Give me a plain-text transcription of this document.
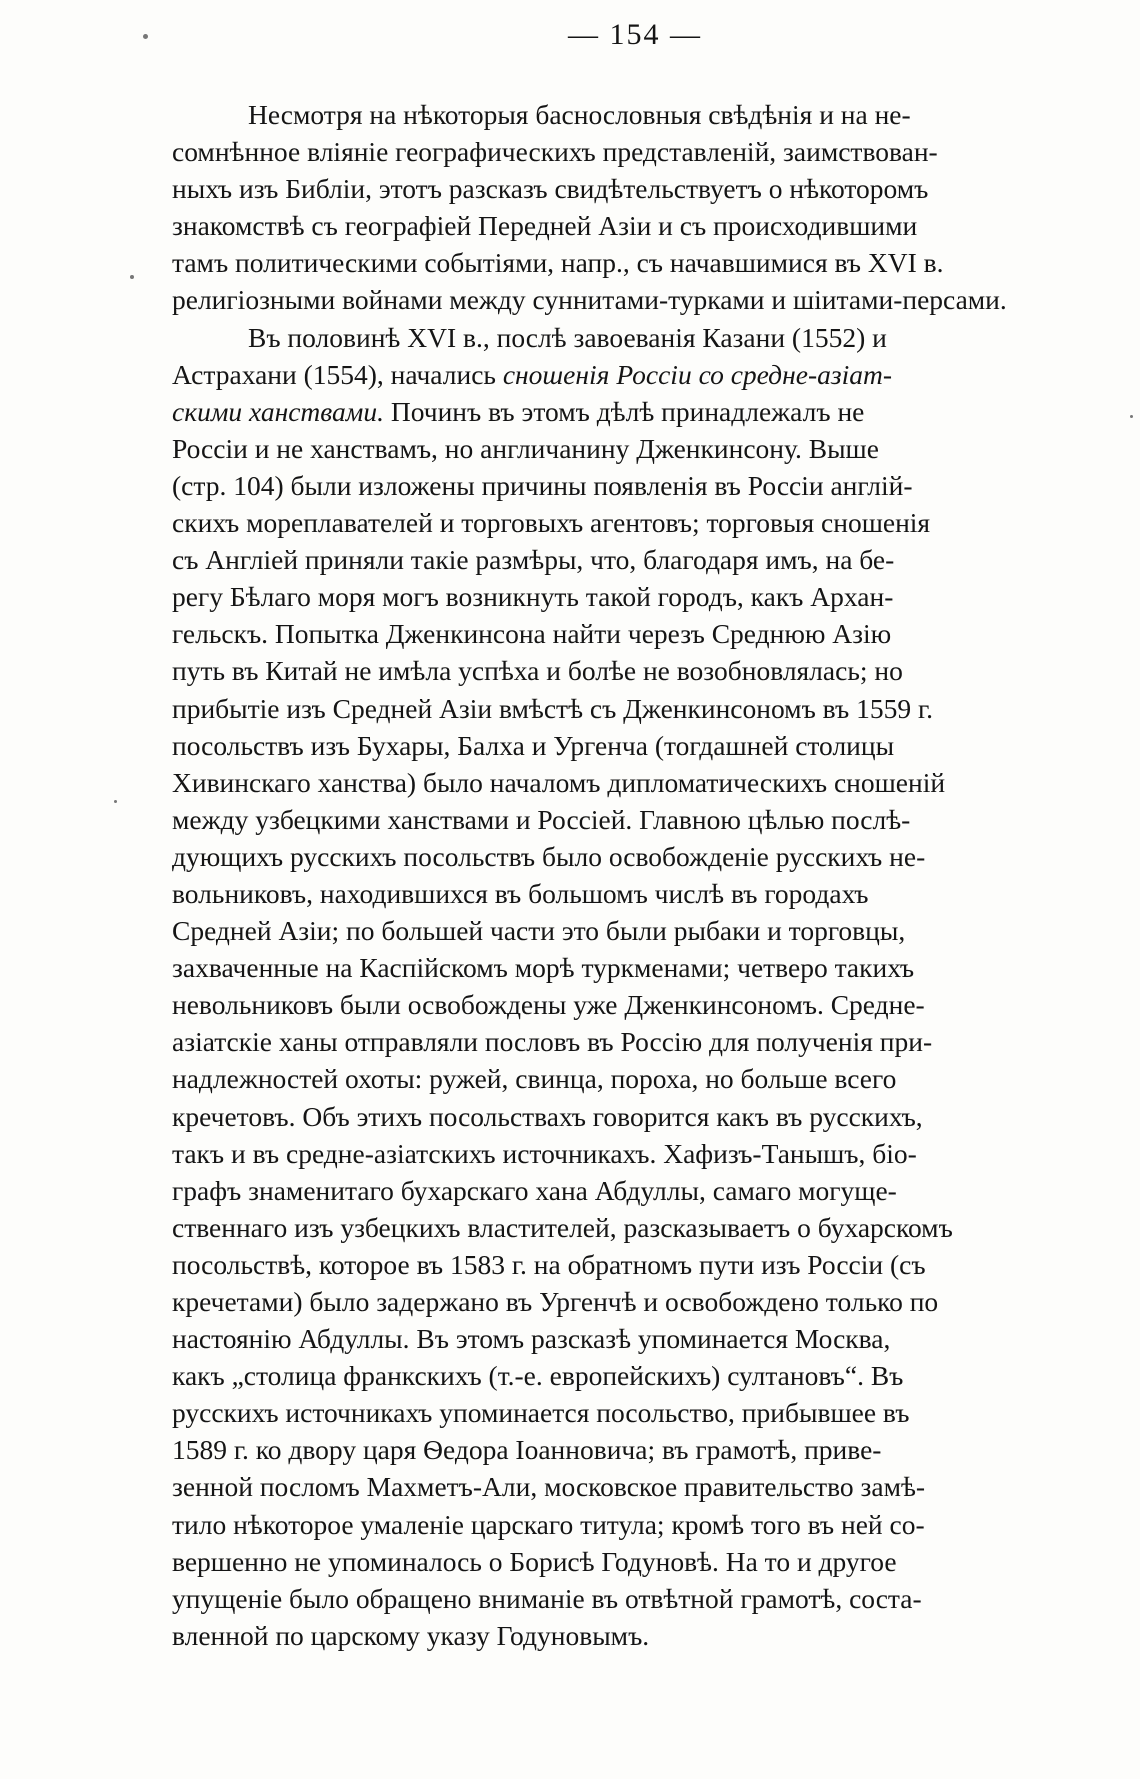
— 154 —
Несмотря на нѣкоторыя баснословныя свѣдѣнія и на не-
сомнѣнное вліяніе географическихъ представленій, заимствован-
ныхъ изъ Библіи, этотъ разсказъ свидѣтельствуетъ о нѣкоторомъ
знакомствѣ съ географіей Передней Азіи и съ происходившими
тамъ политическими событіями, напр., съ начавшимися въ XVI в.
религіозными войнами между суннитами-турками и шіитами-персами.
Въ половинѣ XVI в., послѣ завоеванія Казани (1552) и
Астрахани (1554), начались сношенія Россіи со средне-азіат-
скими ханствами. Починъ въ этомъ дѣлѣ принадлежалъ не
Россіи и не ханствамъ, но англичанину Дженкинсону. Выше
(стр. 104) были изложены причины появленія въ Россіи англій-
скихъ мореплавателей и торговыхъ агентовъ; торговыя сношенія
съ Англіей приняли такіе размѣры, что, благодаря имъ, на бе-
регу Бѣлаго моря могъ возникнуть такой городъ, какъ Архан-
гельскъ. Попытка Дженкинсона найти черезъ Среднюю Азію
путь въ Китай не имѣла успѣха и болѣе не возобновлялась; но
прибытіе изъ Средней Азіи вмѣстѣ съ Дженкинсономъ въ 1559 г.
посольствъ изъ Бухары, Балха и Ургенча (тогдашней столицы
Хивинскаго ханства) было началомъ дипломатическихъ сношеній
между узбецкими ханствами и Россіей. Главною цѣлью послѣ-
дующихъ русскихъ посольствъ было освобожденіе русскихъ не-
вольниковъ, находившихся въ большомъ числѣ въ городахъ
Средней Азіи; по большей части это были рыбаки и торговцы,
захваченные на Каспійскомъ морѣ туркменами; четверо такихъ
невольниковъ были освобождены уже Дженкинсономъ. Средне-
азіатскіе ханы отправляли пословъ въ Россію для полученія при-
надлежностей охоты: ружей, свинца, пороха, но больше всего
кречетовъ. Объ этихъ посольствахъ говорится какъ въ русскихъ,
такъ и въ средне-азіатскихъ источникахъ. Хафизъ-Танышъ, біо-
графъ знаменитаго бухарскаго хана Абдуллы, самаго могуще-
ственнаго изъ узбецкихъ властителей, разсказываетъ о бухарскомъ
посольствѣ, которое въ 1583 г. на обратномъ пути изъ Россіи (съ
кречетами) было задержано въ Ургенчѣ и освобождено только по
настоянію Абдуллы. Въ этомъ разсказѣ упоминается Москва,
какъ „столица франкскихъ (т.-е. европейскихъ) султановъ“. Въ
русскихъ источникахъ упоминается посольство, прибывшее въ
1589 г. ко двору царя Ѳедора Іоанновича; въ грамотѣ, приве-
зенной посломъ Махметъ-Али, московское правительство замѣ-
тило нѣкоторое умаленіе царскаго титула; кромѣ того въ ней со-
вершенно не упоминалось о Борисѣ Годуновѣ. На то и другое
упущеніе было обращено вниманіе въ отвѣтной грамотѣ, соста-
вленной по царскому указу Годуновымъ.
